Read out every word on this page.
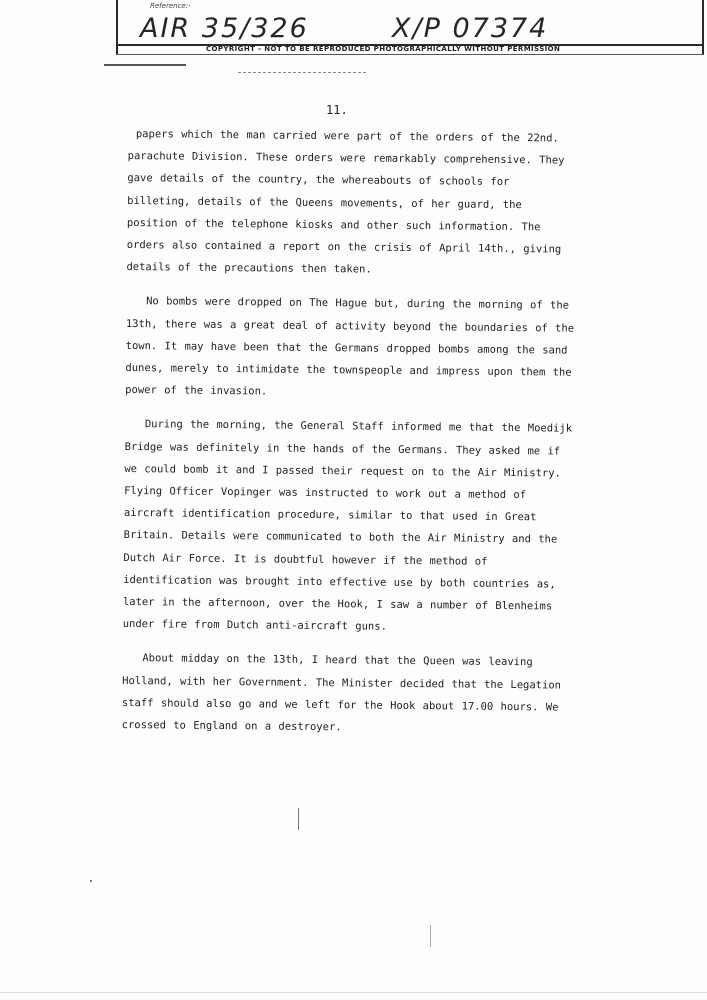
Reference:-
AIR 35/326	X/P 07374
COPYRIGHT - NOT TO BE REPRODUCED PHOTOGRAPHICALLY WITHOUT PERMISSION
11.

papers which the man carried were part of the orders of the 22nd. parachute Division. These orders were remarkably comprehensive. They gave details of the country, the whereabouts of schools for billeting, details of the Queens movements, of her guard, the position of the telephone kiosks and other such information. The orders also contained a report on the crisis of April 14th., giving details of the precautions then taken.

No bombs were dropped on The Hague but, during the morning of the 13th, there was a great deal of activity beyond the boundaries of the town. It may have been that the Germans dropped bombs among the sand dunes, merely to intimidate the townspeople and impress upon them the power of the invasion.

During the morning, the General Staff informed me that the Moedijk Bridge was definitely in the hands of the Germans. They asked me if we could bomb it and I passed their request on to the Air Ministry. Flying Officer Vopinger was instructed to work out a method of aircraft identification procedure, similar to that used in Great Britain. Details were communicated to both the Air Ministry and the Dutch Air Force. It is doubtful however if the method of identification was brought into effective use by both countries as, later in the afternoon, over the Hook, I saw a number of Blenheims under fire from Dutch anti-aircraft guns.

About midday on the 13th, I heard that the Queen was leaving Holland, with her Government. The Minister decided that the Legation staff should also go and we left for the Hook about 17.00 hours. We crossed to England on a destroyer.
